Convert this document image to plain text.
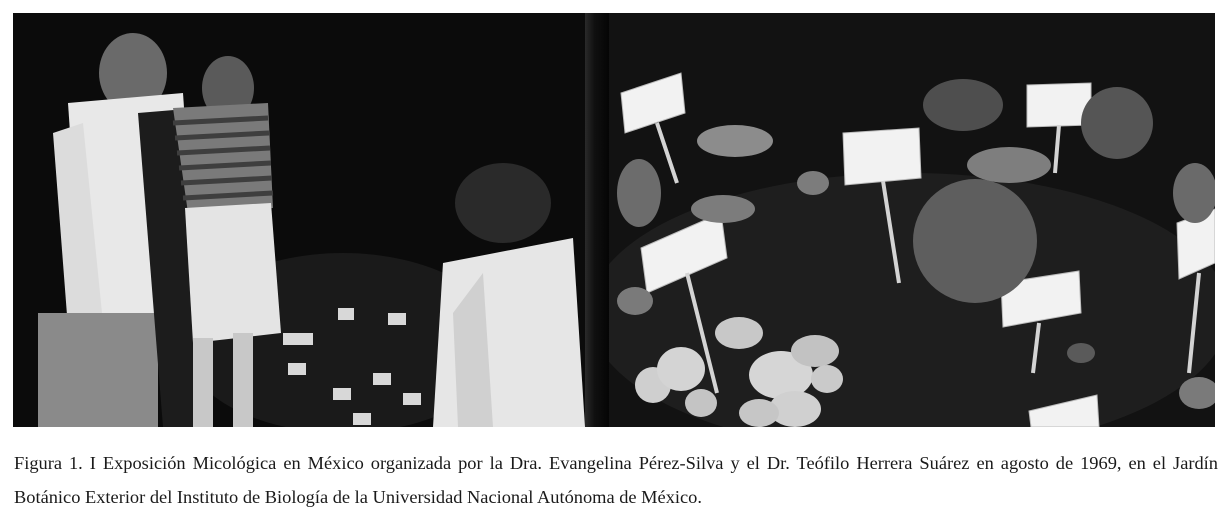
Figura 1. I Exposición Micológica en México organizada por la Dra. Evangelina Pérez-Silva y el Dr. Teófilo Herrera Suárez en agosto de 1969, en el Jardín Botánico Exterior del Instituto de Biología de la Universidad Nacional Autónoma de México.
